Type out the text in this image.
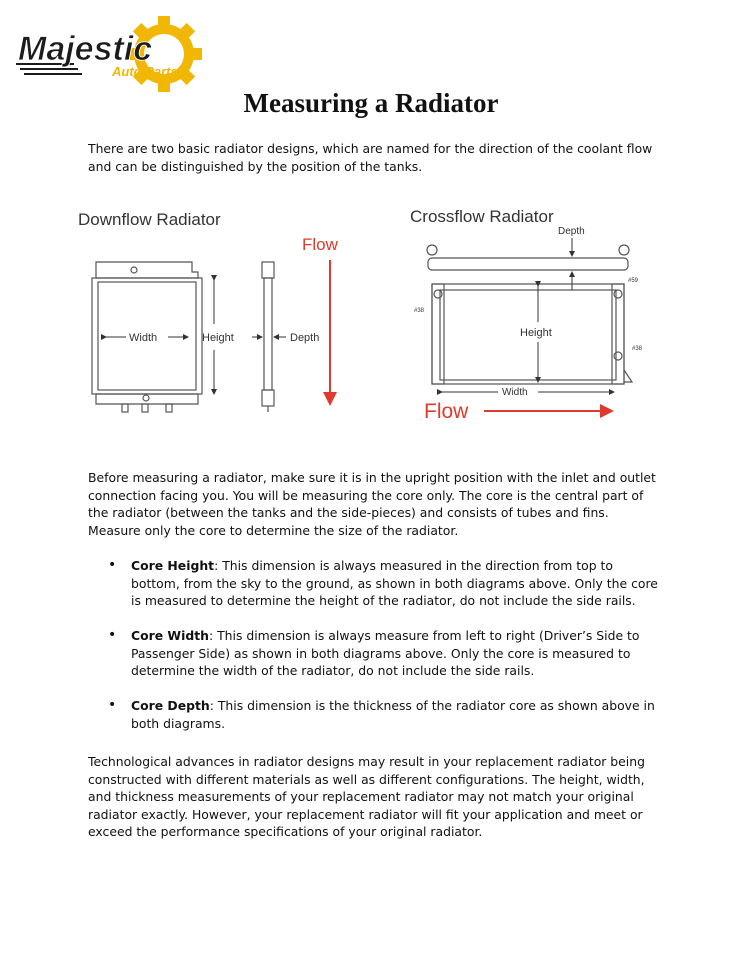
Majestic
Auto Parts
Measuring a Radiator

There are two basic radiator designs, which are named for the direction of the coolant flow and can be distinguished by the position of the tanks.

Downflow Radiator
Width	Height	Depth
Flow
Crossflow Radiator
Depth
Height
Width
#59
#38
#38
Flow

Before measuring a radiator, make sure it is in the upright position with the inlet and outlet connection facing you. You will be measuring the core only. The core is the central part of the radiator (between the tanks and the side-pieces) and consists of tubes and fins. Measure only the core to determine the size of the radiator.

• Core Height: This dimension is always measured in the direction from top to bottom, from the sky to the ground, as shown in both diagrams above. Only the core is measured to determine the height of the radiator, do not include the side rails.
• Core Width: This dimension is always measure from left to right (Driver’s Side to Passenger Side) as shown in both diagrams above. Only the core is measured to determine the width of the radiator, do not include the side rails.
• Core Depth: This dimension is the thickness of the radiator core as shown above in both diagrams.

Technological advances in radiator designs may result in your replacement radiator being constructed with different materials as well as different configurations. The height, width, and thickness measurements of your replacement radiator may not match your original radiator exactly. However, your replacement radiator will fit your application and meet or exceed the performance specifications of your original radiator.
